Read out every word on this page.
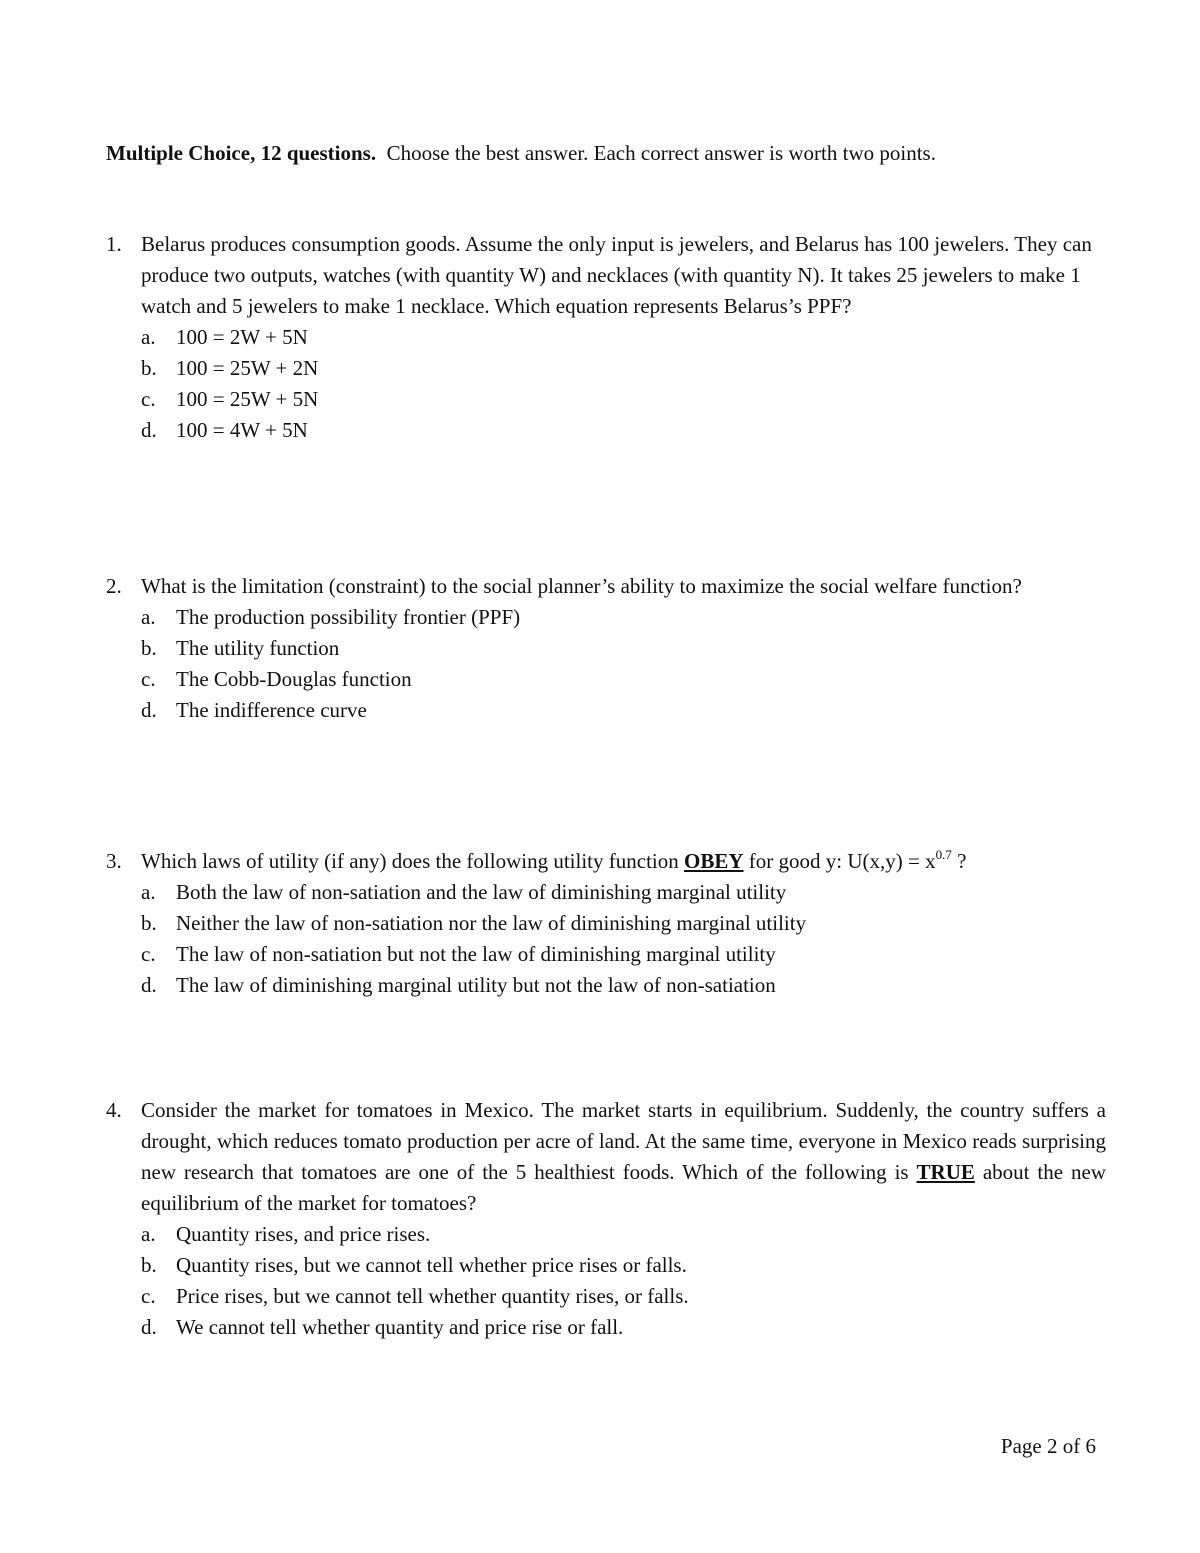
Multiple Choice, 12 questions. Choose the best answer. Each correct answer is worth two points.
1. Belarus produces consumption goods. Assume the only input is jewelers, and Belarus has 100 jewelers. They can produce two outputs, watches (with quantity W) and necklaces (with quantity N). It takes 25 jewelers to make 1 watch and 5 jewelers to make 1 necklace. Which equation represents Belarus’s PPF?
a. 100 = 2W + 5N
b. 100 = 25W + 2N
c. 100 = 25W + 5N
d. 100 = 4W + 5N
2. What is the limitation (constraint) to the social planner’s ability to maximize the social welfare function?
a. The production possibility frontier (PPF)
b. The utility function
c. The Cobb-Douglas function
d. The indifference curve
3. Which laws of utility (if any) does the following utility function OBEY for good y: $U(x,y) = x^{0.7}$ ?
a. Both the law of non-satiation and the law of diminishing marginal utility
b. Neither the law of non-satiation nor the law of diminishing marginal utility
c. The law of non-satiation but not the law of diminishing marginal utility
d. The law of diminishing marginal utility but not the law of non-satiation
4. Consider the market for tomatoes in Mexico. The market starts in equilibrium. Suddenly, the country suffers a drought, which reduces tomato production per acre of land. At the same time, everyone in Mexico reads surprising new research that tomatoes are one of the 5 healthiest foods. Which of the following is TRUE about the new equilibrium of the market for tomatoes?
a. Quantity rises, and price rises.
b. Quantity rises, but we cannot tell whether price rises or falls.
c. Price rises, but we cannot tell whether quantity rises, or falls.
d. We cannot tell whether quantity and price rise or fall.
Page 2 of 6
